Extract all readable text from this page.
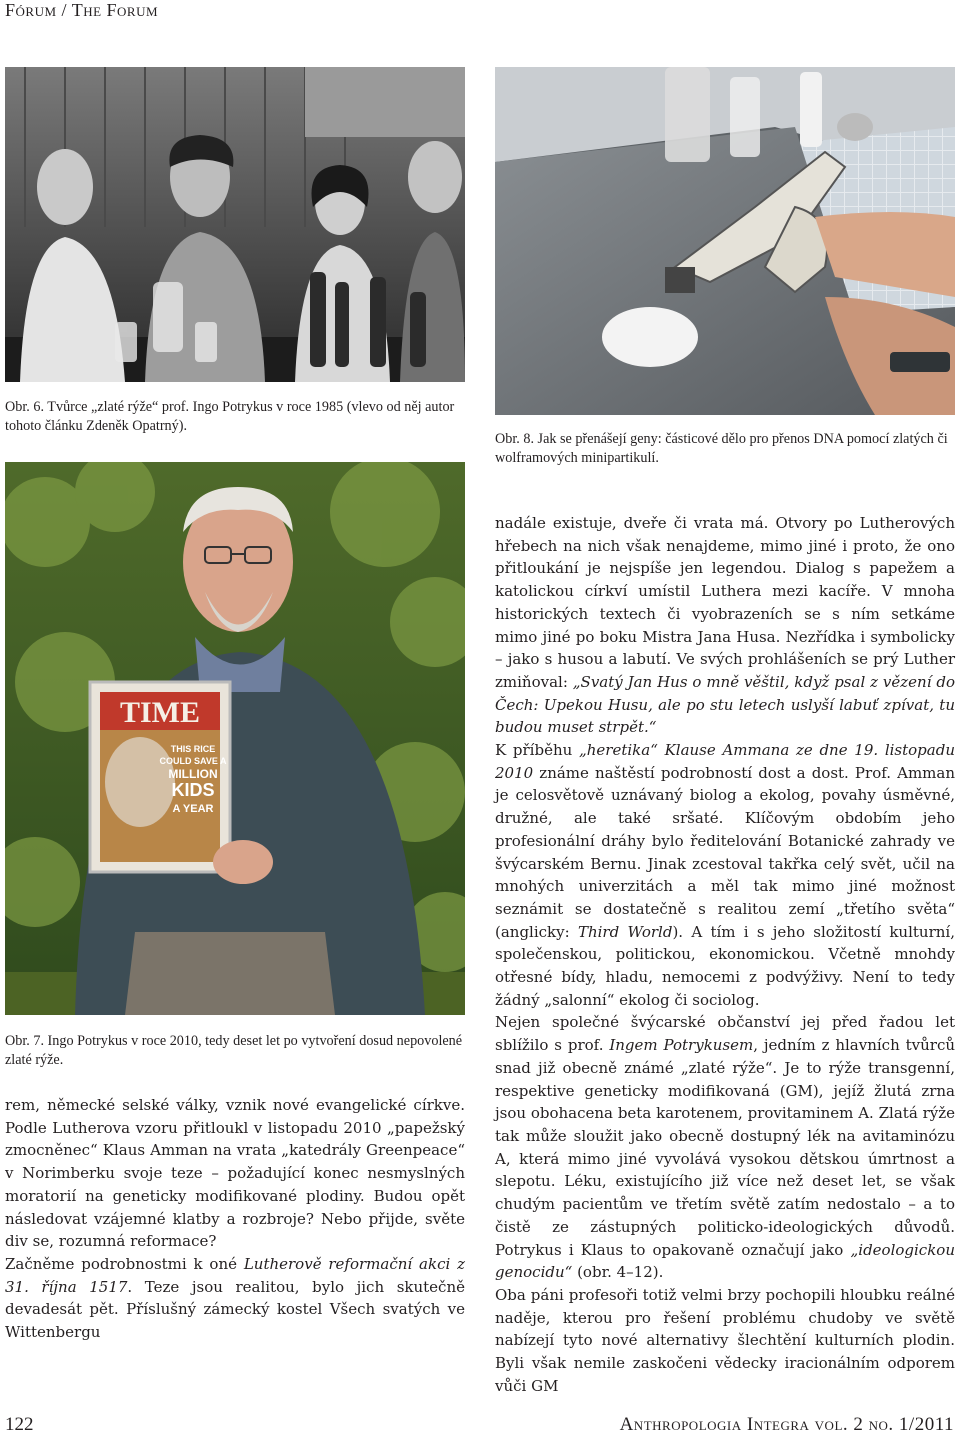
Fórum / The Forum
Obr. 6. Tvůrce „zlaté rýže“ prof. Ingo Potrykus v roce 1985 (vlevo od něj autor tohoto článku Zdeněk Opatrný).
Obr. 8. Jak se přenášejí geny: částicové dělo pro přenos DNA pomocí zlatých či wolframových minipartikulí.
TIME
THIS RICE
COULD SAVE A
MILLION
KIDS
A YEAR
Obr. 7. Ingo Potrykus v roce 2010, tedy deset let po vytvoření dosud nepovolené zlaté rýže.

rem, německé selské války, vznik nové evangelické církve. Podle Lutherova vzoru přitloukl v listopadu 2010 „papežský zmocněnec“ Klaus Amman na vrata „katedrály Greenpeace“ v Norimberku svoje teze – požadující konec nesmyslných moratorií na geneticky modifikované plodiny. Budou opět následovat vzájemné klatby a rozbroje? Nebo přijde, světe div se, rozumná reformace?

Začněme podrobnostmi k oné Lutherově reformační akci z 31. října 1517. Teze jsou realitou, bylo jich skutečně devadesát pět. Příslušný zámecký kostel Všech svatých ve Wittenbergu

nadále existuje, dveře či vrata má. Otvory po Lutherových hřebech na nich však nenajdeme, mimo jiné i proto, že ono přitloukání je nejspíše jen legendou. Dialog s papežem a katolickou církví umístil Luthera mezi kacíře. V mnoha historických textech či vyobrazeních se s ním setkáme mimo jiné po boku Mistra Jana Husa. Nezřídka i symbolicky – jako s husou a labutí. Ve svých prohlášeních se prý Luther zmiňoval: „Svatý Jan Hus o mně věštil, když psal z vězení do Čech: Upekou Husu, ale po stu letech uslyší labuť zpívat, tu budou muset strpět.“

K příběhu „heretika“ Klause Ammana ze dne 19. listopadu 2010 známe naštěstí podrobností dost a dost. Prof. Amman je celosvětově uznávaný biolog a ekolog, povahy úsměvné, družné, ale také sršaté. Klíčovým obdobím jeho profesionální dráhy bylo ředitelování Botanické zahrady ve švýcarském Bernu. Jinak zcestoval takřka celý svět, učil na mnohých univerzitách a měl tak mimo jiné možnost seznámit se dostatečně s realitou zemí „třetího světa“ (anglicky: Third World). A tím i s jeho složitostí kulturní, společenskou, politickou, ekonomickou. Včetně mnohdy otřesné bídy, hladu, nemocemi z podvýživy. Není to tedy žádný „salonní“ ekolog či sociolog.

Nejen společné švýcarské občanství jej před řadou let sblížilo s prof. Ingem Potrykusem, jedním z hlavních tvůrců snad již obecně známé „zlaté rýže“. Je to rýže transgenní, respektive geneticky modifikovaná (GM), jejíž žlutá zrna jsou obohacena beta karotenem, provitaminem A. Zlatá rýže tak může sloužit jako obecně dostupný lék na avitaminózu A, která mimo jiné vyvolává vysokou dětskou úmrtnost a slepotu. Léku, existujícího již více než deset let, se však chudým pacientům ve třetím světě zatím nedostalo – a to čistě ze zástupných politicko-ideologických důvodů. Potrykus i Klaus to opakovaně označují jako „ideologickou genocidu“ (obr. 4–12).

Oba páni profesoři totiž velmi brzy pochopili hloubku reálné naděje, kterou pro řešení problému chudoby ve světě nabízejí tyto nové alternativy šlechtění kulturních plodin. Byli však nemile zaskočeni vědecky iracionálním odporem vůči GM

122	Anthropologia Integra vol. 2 no. 1/2011
